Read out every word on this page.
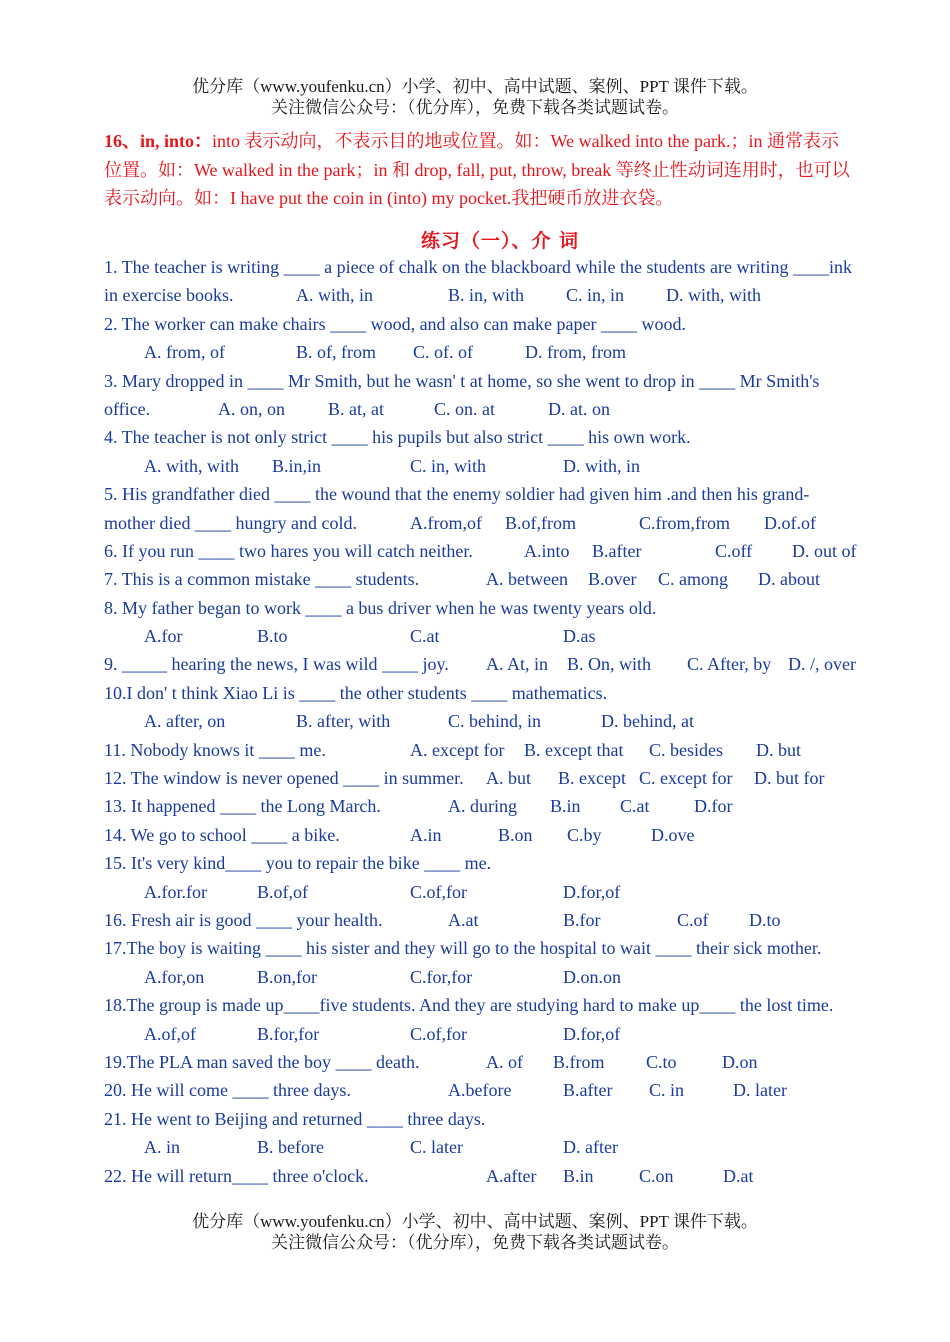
优分库（www.youfenku.cn）小学、初中、高中试题、案例、PPT 课件下载。
关注微信公众号：（优分库），免费下载各类试题试卷。
16、in, into：into 表示动向，不表示目的地或位置。如：We walked into the park.；in 通常表示
位置。如：We walked in the park；in 和 drop, fall, put, throw, break 等终止性动词连用时，也可以
表示动向。如：I have put the coin in (into) my pocket.我把硬币放进衣袋。
练习（一）、介 词
1. The teacher is writing ____ a piece of chalk on the blackboard while the students are writing ____ink
in exercise books.	A. with, in	B. in, with C. in, in D. with, with
2. The worker can make chairs ____ wood, and also can make paper ____ wood.
A. from, of	B. of, from C. of. of	D. from, from
3. Mary dropped in ____ Mr Smith, but he wasn' t at home, so she went to drop in ____ Mr Smith's
office.	A. on, on B. at, at	C. on. at	D. at. on
4. The teacher is not only strict ____ his pupils but also strict ____ his own work.
A. with, with B.in,in	C. in, with	D. with, in
5. His grandfather died ____ the wound that the enemy soldier had given him .and then his grand-
mother died ____ hungry and cold.	A.from,of B.of,from	C.from,from D.of.of
6. If you run ____ two hares you will catch neither.	A.into B.after	C.off D. out of
7. This is a common mistake ____ students.	A. between B.over C. among D. about
8. My father began to work ____ a bus driver when he was twenty years old.
A.for	B.to	C.at	D.as
9. _____ hearing the news, I was wild ____ joy. A. At, in B. On, with C. After, by D. /, over
10.I don' t think Xiao Li is ____ the other students ____ mathematics.
A. after, on	B. after, with	C. behind, in	D. behind, at
11. Nobody knows it ____ me.	A. except for B. except that C. besides D. but
12. The window is never opened ____ in summer. A. but B. except C. except for D. but for
13. It happened ____ the Long March.	A. during B.in C.at D.for
14. We go to school ____ a bike.	A.in	B.on C.by	D.ove
15. It's very kind____ you to repair the bike ____ me.
A.for.for	B.of,of	C.of,for	D.for,of
16. Fresh air is good ____ your health.	A.at	B.for	C.of D.to
17.The boy is waiting ____ his sister and they will go to the hospital to wait ____ their sick mother.
A.for,on	B.on,for	C.for,for	D.on.on
18.The group is made up____five students. And they are studying hard to make up____ the lost time.
A.of,of	B.for,for	C.of,for	D.for,of
19.The PLA man saved the boy ____ death.	A. of B.from C.to	D.on
20. He will come ____ three days.	A.before	B.after C. in	D. later
21. He went to Beijing and returned ____ three days.
A. in	B. before	C. later	D. after
22. He will return____ three o'clock.	A.after B.in	C.on	D.at
优分库（www.youfenku.cn）小学、初中、高中试题、案例、PPT 课件下载。
关注微信公众号：（优分库），免费下载各类试题试卷。
